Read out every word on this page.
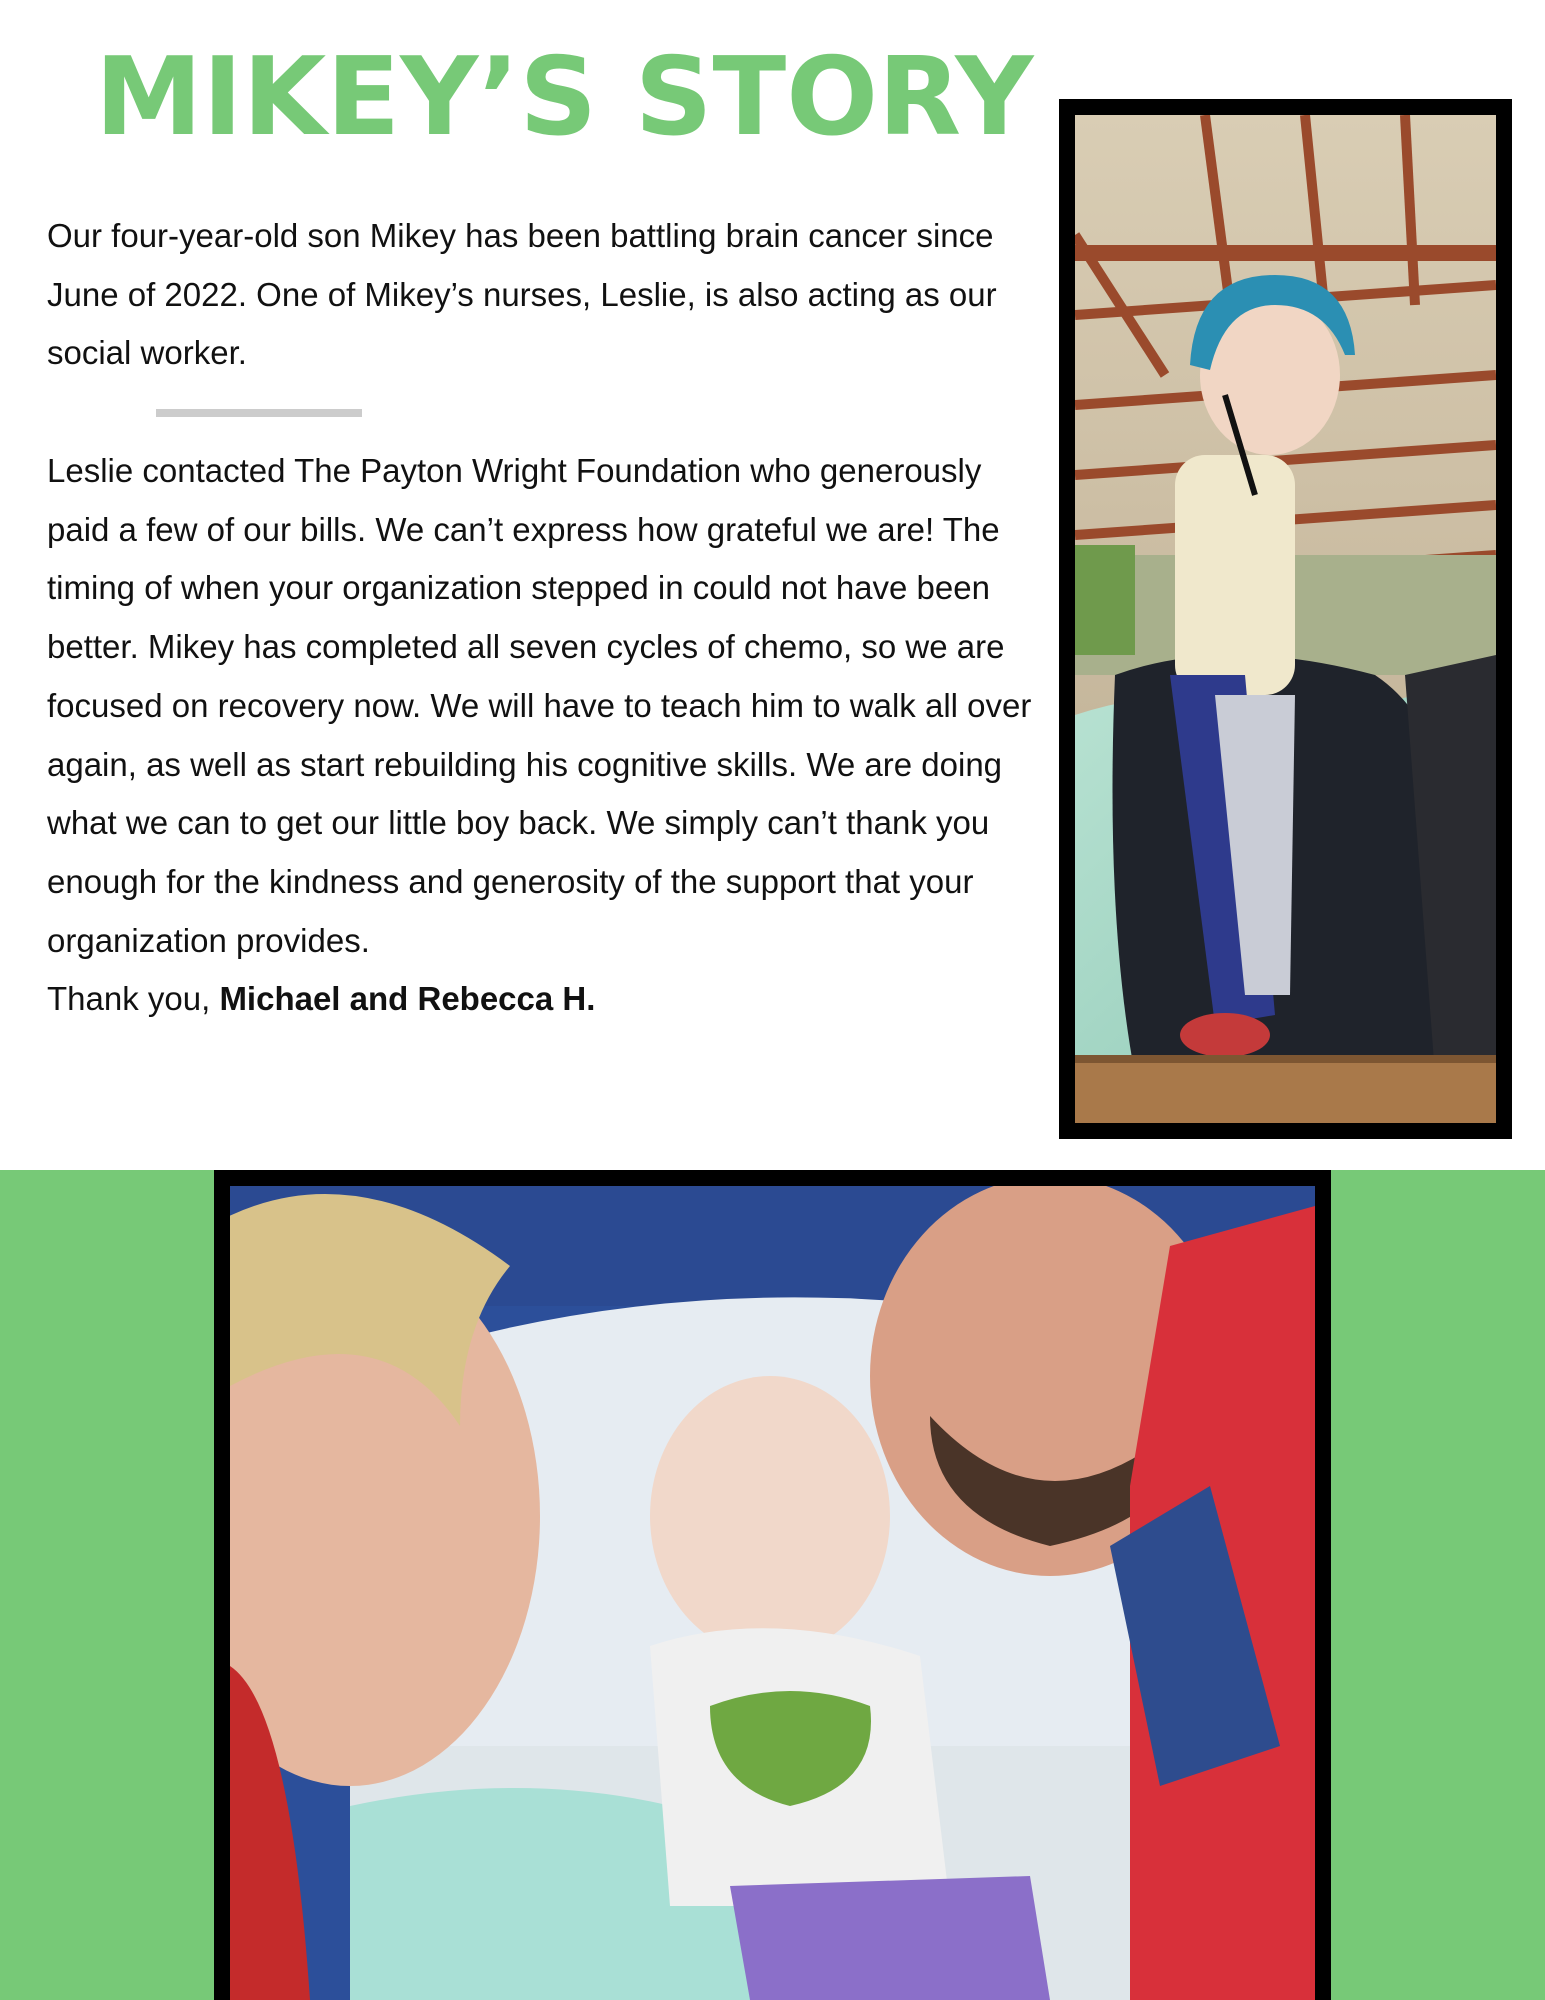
MIKEY’S STORY

Our four-year-old son Mikey has been battling brain cancer since June of 2022. One of Mikey’s nurses, Leslie, is also acting as our social worker.

Leslie contacted The Payton Wright Foundation who generously paid a few of our bills. We can’t express how grateful we are! The timing of when your organization stepped in could not have been better. Mikey has completed all seven cycles of chemo, so we are focused on recovery now. We will have to teach him to walk all over again, as well as start rebuilding his cognitive skills. We are doing what we can to get our little boy back. We simply can’t thank you enough for the kindness and generosity of the support that your organization provides.
Thank you, Michael and Rebecca H.
